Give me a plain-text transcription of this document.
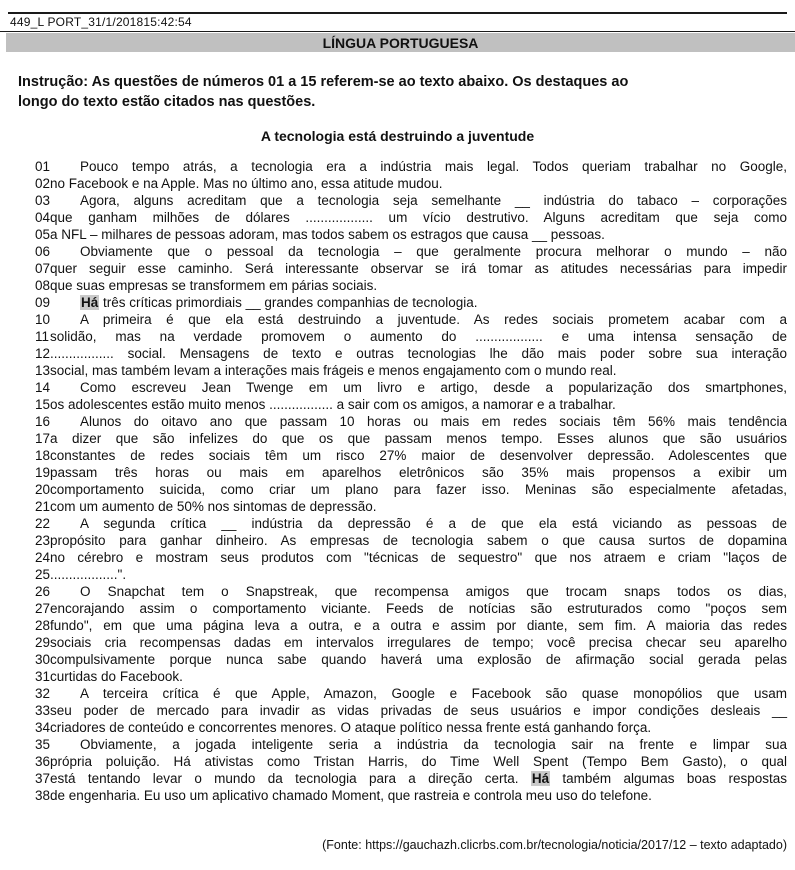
449_L PORT_31/1/201815:42:54
LÍNGUA PORTUGUESA
Instrução: As questões de números 01 a 15 referem-se ao texto abaixo. Os destaques ao
longo do texto estão citados nas questões.
A tecnologia está destruindo a juventude
01	Pouco tempo atrás, a tecnologia era a indústria mais legal. Todos queriam trabalhar no Google,
02 no Facebook e na Apple. Mas no último ano, essa atitude mudou.
03	Agora, alguns acreditam que a tecnologia seja semelhante __ indústria do tabaco – corporações
04 que ganham milhões de dólares .................. um vício destrutivo. Alguns acreditam que seja como
05 a NFL – milhares de pessoas adoram, mas todos sabem os estragos que causa __ pessoas.
06	Obviamente que o pessoal da tecnologia – que geralmente procura melhorar o mundo – não
07 quer seguir esse caminho. Será interessante observar se irá tomar as atitudes necessárias para impedir
08 que suas empresas se transformem em párias sociais.
09	Há três críticas primordiais __ grandes companhias de tecnologia.
10	A primeira é que ela está destruindo a juventude. As redes sociais prometem acabar com a
11 solidão, mas na verdade promovem o aumento do .................. e uma intensa sensação de
12 ................. social. Mensagens de texto e outras tecnologias lhe dão mais poder sobre sua interação
13 social, mas também levam a interações mais frágeis e menos engajamento com o mundo real.
14	Como escreveu Jean Twenge em um livro e artigo, desde a popularização dos smartphones,
15 os adolescentes estão muito menos ................. a sair com os amigos, a namorar e a trabalhar.
16	Alunos do oitavo ano que passam 10 horas ou mais em redes sociais têm 56% mais tendência
17 a dizer que são infelizes do que os que passam menos tempo. Esses alunos que são usuários
18 constantes de redes sociais têm um risco 27% maior de desenvolver depressão. Adolescentes que
19 passam três horas ou mais em aparelhos eletrônicos são 35% mais propensos a exibir um
20 comportamento suicida, como criar um plano para fazer isso. Meninas são especialmente afetadas,
21 com um aumento de 50% nos sintomas de depressão.
22	A segunda crítica __ indústria da depressão é a de que ela está viciando as pessoas de
23 propósito para ganhar dinheiro. As empresas de tecnologia sabem o que causa surtos de dopamina
24 no cérebro e mostram seus produtos com "técnicas de sequestro" que nos atraem e criam "laços de
25 ..................".
26	O Snapchat tem o Snapstreak, que recompensa amigos que trocam snaps todos os dias,
27 encorajando assim o comportamento viciante. Feeds de notícias são estruturados como "poços sem
28 fundo", em que uma página leva a outra, e a outra e assim por diante, sem fim. A maioria das redes
29 sociais cria recompensas dadas em intervalos irregulares de tempo; você precisa checar seu aparelho
30 compulsivamente porque nunca sabe quando haverá uma explosão de afirmação social gerada pelas
31 curtidas do Facebook.
32	A terceira crítica é que Apple, Amazon, Google e Facebook são quase monopólios que usam
33 seu poder de mercado para invadir as vidas privadas de seus usuários e impor condições desleais __
34 criadores de conteúdo e concorrentes menores. O ataque político nessa frente está ganhando força.
35	Obviamente, a jogada inteligente seria a indústria da tecnologia sair na frente e limpar sua
36 própria poluição. Há ativistas como Tristan Harris, do Time Well Spent (Tempo Bem Gasto), o qual
37 está tentando levar o mundo da tecnologia para a direção certa. Há também algumas boas respostas
38 de engenharia. Eu uso um aplicativo chamado Moment, que rastreia e controla meu uso do telefone.
(Fonte: https://gauchazh.clicrbs.com.br/tecnologia/noticia/2017/12 – texto adaptado)
